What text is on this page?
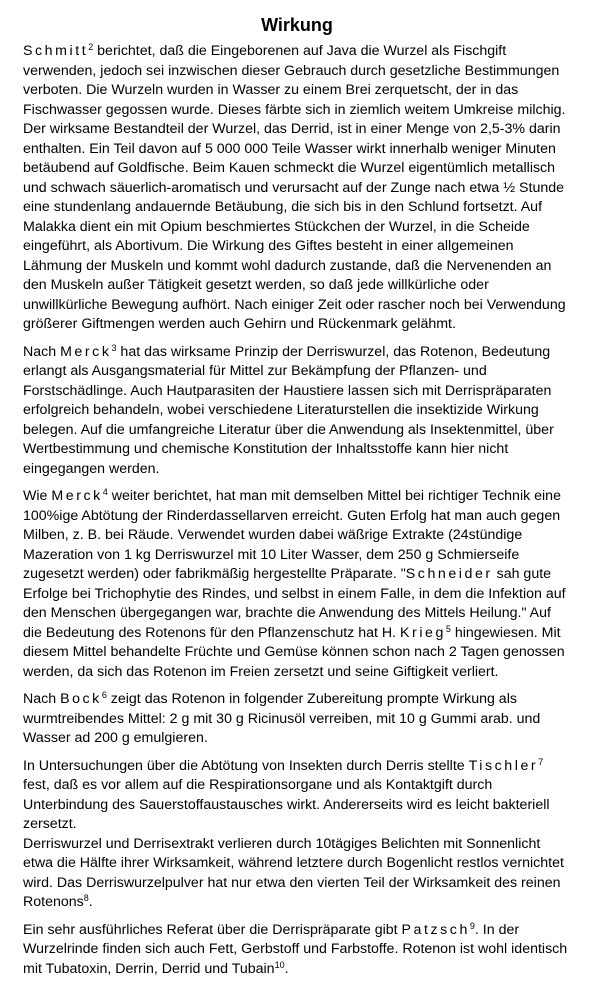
Wirkung

Schmitt$^2$ berichtet, daß die Eingeborenen auf Java die Wurzel als Fischgift
verwenden, jedoch sei inzwischen dieser Gebrauch durch gesetzliche Bestimmungen
verboten. Die Wurzeln wurden in Wasser zu einem Brei zerquetscht, der in das
Fischwasser gegossen wurde. Dieses färbte sich in ziemlich weitem Umkreise milchig.
Der wirksame Bestandteil der Wurzel, das Derrid, ist in einer Menge von 2,5-3% darin
enthalten. Ein Teil davon auf 5 000 000 Teile Wasser wirkt innerhalb weniger Minuten
betäubend auf Goldfische. Beim Kauen schmeckt die Wurzel eigentümlich metallisch
und schwach säuerlich-aromatisch und verursacht auf der Zunge nach etwa ½ Stunde
eine stundenlang andauernde Betäubung, die sich bis in den Schlund fortsetzt. Auf
Malakka dient ein mit Opium beschmiertes Stückchen der Wurzel, in die Scheide
eingeführt, als Abortivum. Die Wirkung des Giftes besteht in einer allgemeinen
Lähmung der Muskeln und kommt wohl dadurch zustande, daß die Nervenenden an
den Muskeln außer Tätigkeit gesetzt werden, so daß jede willkürliche oder
unwillkürliche Bewegung aufhört. Nach einiger Zeit oder rascher noch bei Verwendung
größerer Giftmengen werden auch Gehirn und Rückenmark gelähmt.

Nach Merck$^3$ hat das wirksame Prinzip der Derriswurzel, das Rotenon, Bedeutung
erlangt als Ausgangsmaterial für Mittel zur Bekämpfung der Pflanzen- und
Forstschädlinge. Auch Hautparasiten der Haustiere lassen sich mit Derrispräparaten
erfolgreich behandeln, wobei verschiedene Literaturstellen die insektizide Wirkung
belegen. Auf die umfangreiche Literatur über die Anwendung als Insektenmittel, über
Wertbestimmung und chemische Konstitution der Inhaltsstoffe kann hier nicht
eingegangen werden.

Wie Merck$^4$ weiter berichtet, hat man mit demselben Mittel bei richtiger Technik eine
100%ige Abtötung der Rinderdassellarven erreicht. Guten Erfolg hat man auch gegen
Milben, z. B. bei Räude. Verwendet wurden dabei wäßrige Extrakte (24stündige
Mazeration von 1 kg Derriswurzel mit 10 Liter Wasser, dem 250 g Schmierseife
zugesetzt werden) oder fabrikmäßig hergestellte Präparate. "Schneider sah gute
Erfolge bei Trichophytie des Rindes, und selbst in einem Falle, in dem die Infektion auf
den Menschen übergegangen war, brachte die Anwendung des Mittels Heilung." Auf
die Bedeutung des Rotenons für den Pflanzenschutz hat H. Krieg$^5$ hingewiesen. Mit
diesem Mittel behandelte Früchte und Gemüse können schon nach 2 Tagen genossen
werden, da sich das Rotenon im Freien zersetzt und seine Giftigkeit verliert.

Nach Bock$^6$ zeigt das Rotenon in folgender Zubereitung prompte Wirkung als
wurmtreibendes Mittel: 2 g mit 30 g Ricinusöl verreiben, mit 10 g Gummi arab. und
Wasser ad 200 g emulgieren.

In Untersuchungen über die Abtötung von Insekten durch Derris stellte Tischler$^7$
fest, daß es vor allem auf die Respirationsorgane und als Kontaktgift durch
Unterbindung des Sauerstoffaustausches wirkt. Andererseits wird es leicht bakteriell
zersetzt.
Derriswurzel und Derrisextrakt verlieren durch 10tägiges Belichten mit Sonnenlicht
etwa die Hälfte ihrer Wirksamkeit, während letztere durch Bogenlicht restlos vernichtet
wird. Das Derriswurzelpulver hat nur etwa den vierten Teil der Wirksamkeit des reinen
Rotenons$^8$.

Ein sehr ausführliches Referat über die Derrispräparate gibt Patzsch$^9$. In der
Wurzelrinde finden sich auch Fett, Gerbstoff und Farbstoffe. Rotenon ist wohl identisch
mit Tubatoxin, Derrin, Derrid und Tubain$^{10}$.
